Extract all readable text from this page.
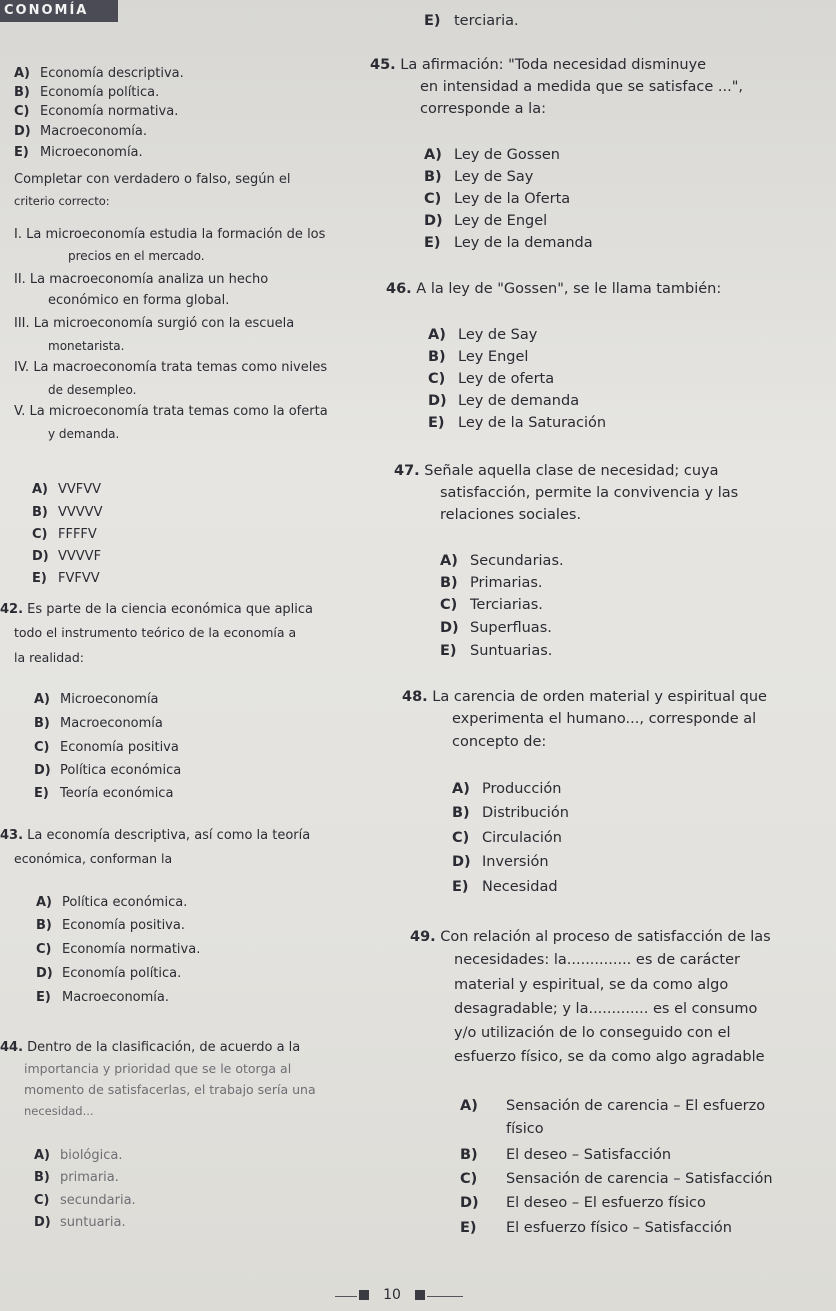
CONOMÍA
A) Economía descriptiva.
B) Economía política.
C) Economía normativa.
D) Macroeconomía.
E) Microeconomía.
Completar con verdadero o falso, según el
criterio correcto:
I. La microeconomía estudia la formación de los
precios en el mercado.
II. La macroeconomía analiza un hecho
económico en forma global.
III. La microeconomía surgió con la escuela
monetarista.
IV. La macroeconomía trata temas como niveles
de desempleo.
V. La microeconomía trata temas como la oferta
y demanda.
A) VVFVV
B) VVVVV
C) FFFFV
D) VVVVF
E) FVFVV
42. Es parte de la ciencia económica que aplica
todo el instrumento teórico de la economía a
la realidad:
A) Microeconomía
B) Macroeconomía
C) Economía positiva
D) Política económica
E) Teoría económica
43. La economía descriptiva, así como la teoría
económica, conforman la
A) Política económica.
B) Economía positiva.
C) Economía normativa.
D) Economía política.
E) Macroeconomía.
44. Dentro de la clasificación, de acuerdo a la
importancia y prioridad que se le otorga al
momento de satisfacerlas, el trabajo sería una
necesidad...
A) biológica.
B) primaria.
C) secundaria.
D) suntuaria.
E) terciaria.
45. La afirmación: "Toda necesidad disminuye
en intensidad a medida que se satisface ...",
corresponde a la:
A) Ley de Gossen
B) Ley de Say
C) Ley de la Oferta
D) Ley de Engel
E) Ley de la demanda
46. A la ley de "Gossen", se le llama también:
A) Ley de Say
B) Ley Engel
C) Ley de oferta
D) Ley de demanda
E) Ley de la Saturación
47. Señale aquella clase de necesidad; cuya
satisfacción, permite la convivencia y las
relaciones sociales.
A) Secundarias.
B) Primarias.
C) Terciarias.
D) Superfluas.
E) Suntuarias.
48. La carencia de orden material y espiritual que
experimenta el humano..., corresponde al
concepto de:
A) Producción
B) Distribución
C) Circulación
D) Inversión
E) Necesidad
49. Con relación al proceso de satisfacción de las
necesidades: la.............. es de carácter
material y espiritual, se da como algo
desagradable; y la............. es el consumo
y/o utilización de lo conseguido con el
esfuerzo físico, se da como algo agradable
A) Sensación de carencia – El esfuerzo
físico
B) El deseo – Satisfacción
C) Sensación de carencia – Satisfacción
D) El deseo – El esfuerzo físico
E) El esfuerzo físico – Satisfacción
10
